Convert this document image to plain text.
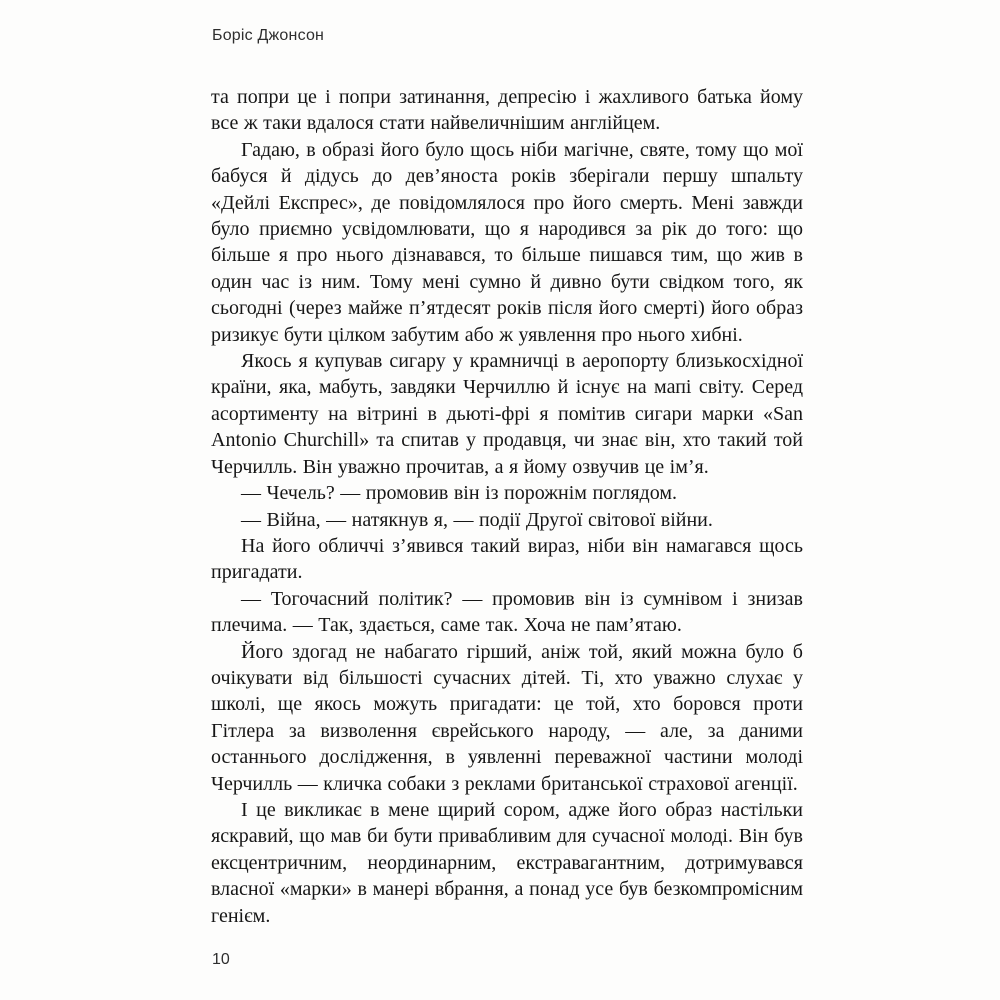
Боріс Джонсон

та попри це і попри затинання, депресію і жахливого батька йому все ж таки вдалося стати найвеличнішим англійцем.

Гадаю, в образі його було щось ніби магічне, святе, тому що мої бабуся й дідусь до дев’яноста років зберігали першу шпальту «Дейлі Експрес», де повідомлялося про його смерть. Мені завжди було приємно усвідомлювати, що я народився за рік до того: що більше я про нього дізнавався, то більше пишався тим, що жив в один час із ним. Тому мені сумно й дивно бути свідком того, як сьогодні (через майже п’ятдесят років після його смерті) його образ ризикує бути цілком забутим або ж уявлення про нього хибні.

Якось я купував сигару у крамничці в аеропорту близькосхідної країни, яка, мабуть, завдяки Черчиллю й існує на мапі світу. Серед асортименту на вітрині в дьюті-фрі я помітив сигари марки «San Antonio Churchill» та спитав у продавця, чи знає він, хто такий той Черчилль. Він уважно прочитав, а я йому озвучив це ім’я.

— Чечель? — промовив він із порожнім поглядом.

— Війна, — натякнув я, — події Другої світової війни.

На його обличчі з’явився такий вираз, ніби він намагався щось пригадати.

— Тогочасний політик? — промовив він із сумнівом і знизав плечима. — Так, здається, саме так. Хоча не пам’ятаю.

Його здогад не набагато гірший, аніж той, який можна було б очікувати від більшості сучасних дітей. Ті, хто уважно слухає у школі, ще якось можуть пригадати: це той, хто боровся проти Гітлера за визволення єврейського народу, — але, за даними останнього дослідження, в уявленні переважної частини молоді Черчилль — кличка собаки з реклами британської страхової агенції.

І це викликає в мене щирий сором, адже його образ настільки яскравий, що мав би бути привабливим для сучасної молоді. Він був ексцентричним, неординарним, екстравагантним, дотримувався власної «марки» в манері вбрання, а понад усе був безкомпромісним генієм.

10
